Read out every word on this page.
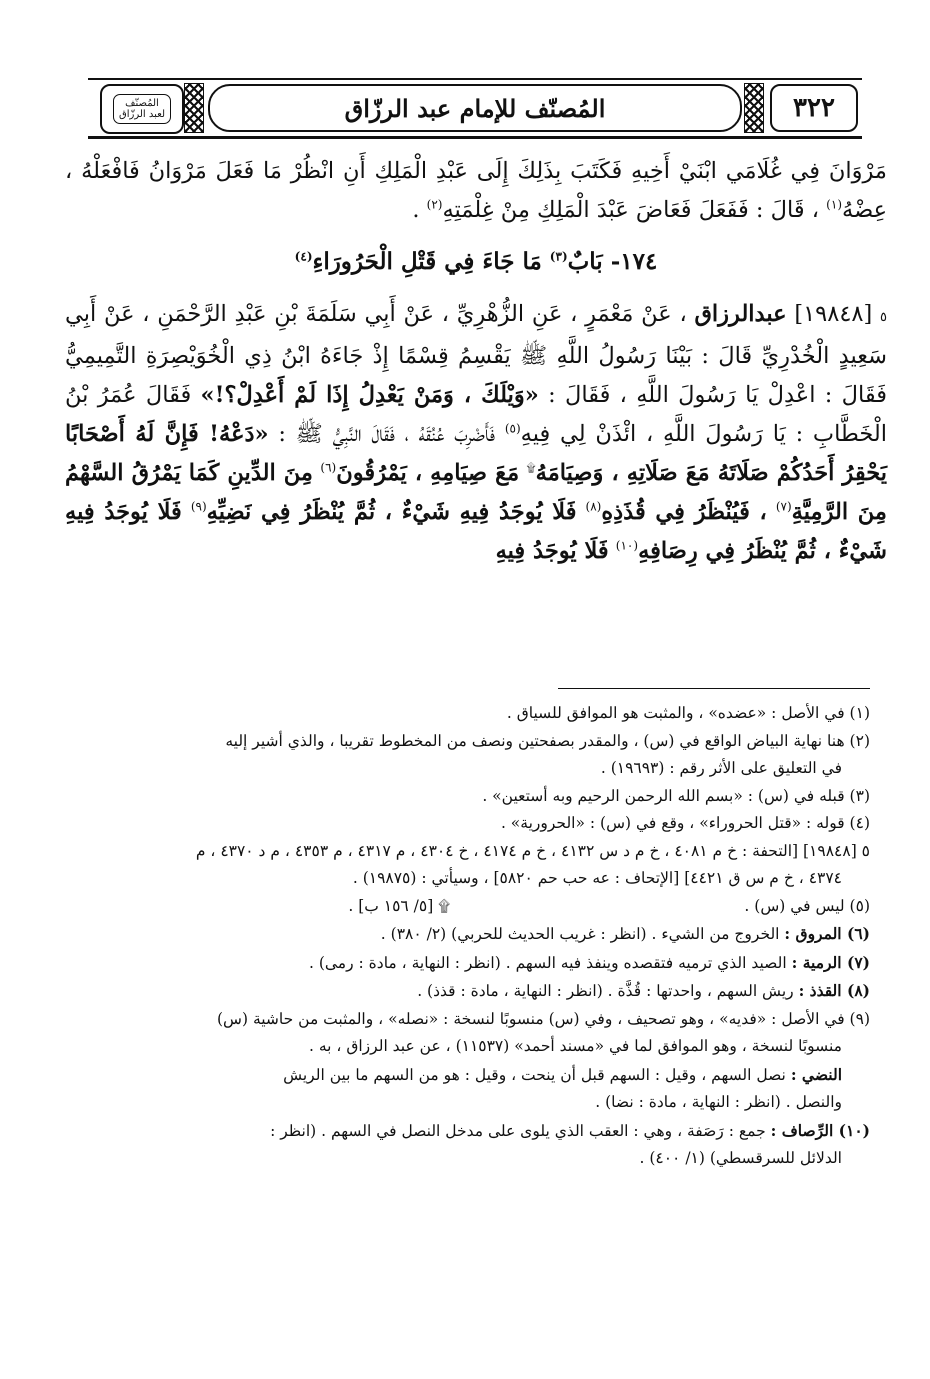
المُصنّف
لعبد الرزّاق	المُصنّف للإمام عبد الرزّاق	٣٢٢

مَرْوَانَ فِي غُلَامَي ابْنَيْ أَخِيهِ فَكَتَبَ بِذَلِكَ إِلَى عَبْدِ الْمَلِكِ أَنِ انْظُرْ مَا فَعَلَ مَرْوَانُ فَافْعَلْهُ ، عِضْهُ$^{(١)}$ ، قَالَ : فَفَعَلَ فَعَاضَ عَبْدَ الْمَلِكِ مِنْ غِلْمَتِهِ$^{(٢)}$ .

١٧٤- بَابٌ$^{(٣)}$ مَا جَاءَ فِي قَتْلِ الْحَرُورَاءِ$^{(٤)}$

٥ [١٩٨٤٨] عبدالرزاق ، عَنْ مَعْمَرٍ ، عَنِ الزُّهْرِيِّ ، عَنْ أَبِي سَلَمَةَ بْنِ عَبْدِ الرَّحْمَنِ ، عَنْ أَبِي سَعِيدٍ الْخُدْرِيِّ قَالَ : بَيْنَا رَسُولُ اللَّهِ ﷺ يَقْسِمُ قِسْمًا إِذْ جَاءَهُ ابْنُ ذِي الْخُوَيْصِرَةِ التَّمِيمِيُّ فَقَالَ : اعْدِلْ يَا رَسُولَ اللَّهِ ، فَقَالَ : «وَيْلَكَ ، وَمَنْ يَعْدِلُ إِذَا لَمْ أَعْدِلْ؟!» فَقَالَ عُمَرُ بْنُ الْخَطَّابِ : يَا رَسُولَ اللَّهِ ، ائْذَنْ لِي فِيهِ$^{(٥)}$ فَأَضْرِبَ عُنُقَهُ ، فَقَالَ النَّبِيُّ ﷺ : «دَعْهُ! فَإِنَّ لَهُ أَصْحَابًا يَحْقِرُ أَحَدُكُمْ صَلَاتَهُ مَعَ صَلَاتِهِ ، وَصِيَامَهُ۩ مَعَ صِيَامِهِ ، يَمْرُقُونَ$^{(٦)}$ مِنَ الدِّينِ كَمَا يَمْرُقُ السَّهْمُ مِنَ الرَّمِيَّةِ$^{(٧)}$ ، فَيُنْظَرُ فِي قُذَذِهِ$^{(٨)}$ فَلَا يُوجَدُ فِيهِ شَيْءٌ ، ثُمَّ يُنْظَرُ فِي نَضِيِّهِ$^{(٩)}$ فَلَا يُوجَدُ فِيهِ شَيْءٌ ، ثُمَّ يُنْظَرُ فِي رِصَافِهِ$^{(١٠)}$ فَلَا يُوجَدُ فِيهِ

(١) في الأصل : «عضده» ، والمثبت هو الموافق للسياق .

(٢) هنا نهاية البياض الواقع في (س) ، والمقدر بصفحتين ونصف من المخطوط تقريبا ، والذي أشير إليه
في التعليق على الأثر رقم : (١٩٦٩٣) .

(٣) قبله في (س) : «بسم الله الرحمن الرحيم وبه أستعين» .

(٤) قوله : «قتل الحروراء» ، وقع في (س) : «الحرورية» .

٥ [١٩٨٤٨] [التحفة : خ م ٤٠٨١ ، خ م د س ٤١٣٢ ، خ م ٤١٧٤ ، خ ٤٣٠٤ ، م ٤٣١٧ ، م ٤٣٥٣ ، م د ٤٣٧٠ ، م
٤٣٧٤ ، خ م س ق ٤٤٢١] [الإتحاف : عه حب حم ٥٨٢٠] ، وسيأتي : (١٩٨٧٥) .

(٥) ليس في (س) .
۩ [٥/ ١٥٦ ب] .

(٦) المروق : الخروج من الشيء . (انظر : غريب الحديث للحربي) (٢/ ٣٨٠) .

(٧) الرمية : الصيد الذي ترميه فتقصده وينفذ فيه السهم . (انظر : النهاية ، مادة : رمى) .

(٨) القذذ : ريش السهم ، واحدتها : قُذَّة . (انظر : النهاية ، مادة : قذذ) .

(٩) في الأصل : «فديه» ، وهو تصحيف ، وفي (س) منسوبًا لنسخة : «نصله» ، والمثبت من حاشية (س)
منسوبًا لنسخة ، وهو الموافق لما في «مسند أحمد» (١١٥٣٧) ، عن عبد الرزاق ، به .
النضي : نصل السهم ، وقيل : السهم قبل أن ينحت ، وقيل : هو من السهم ما بين الريش
والنصل . (انظر : النهاية ، مادة : نضا) .

(١٠) الرِّصاف : جمع : رَصَفة ، وهي : العقب الذي يلوى على مدخل النصل في السهم . (انظر :
الدلائل للسرقسطي) (١/ ٤٠٠) .
